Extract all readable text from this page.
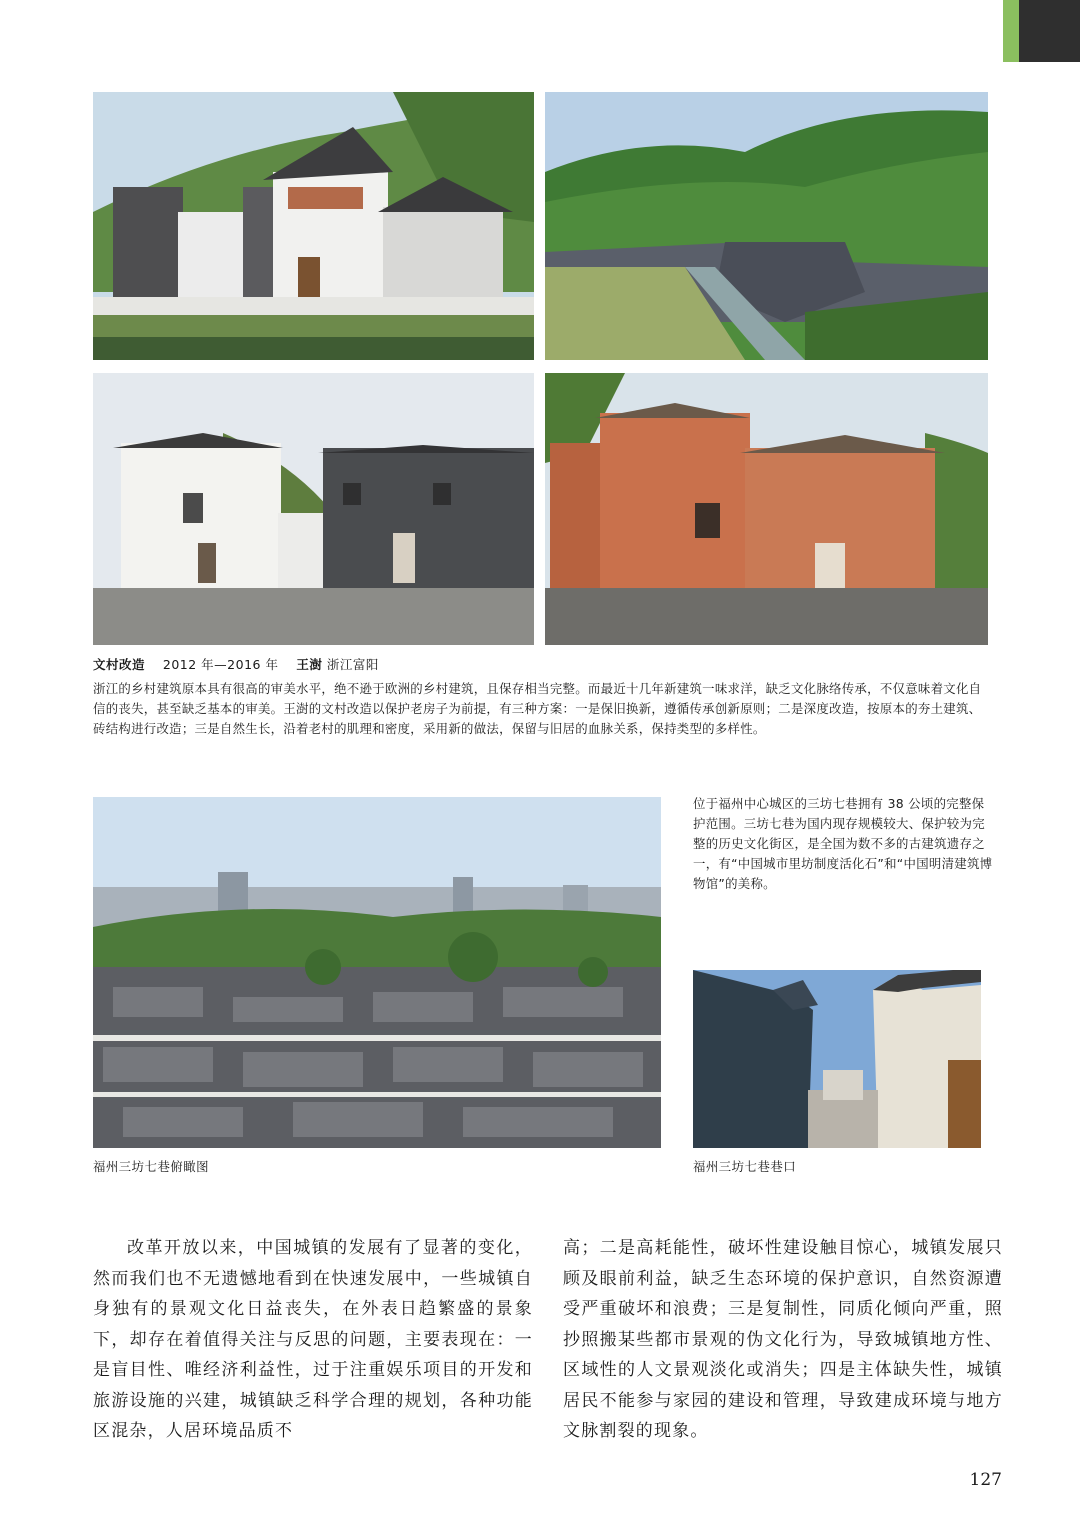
文村改造　 2012 年—2016 年　 王澍 浙江富阳
浙江的乡村建筑原本具有很高的审美水平，绝不逊于欧洲的乡村建筑，且保存相当完整。而最近十几年新建筑一味求洋，缺乏文化脉络传承，不仅意味着文化自信的丧失，甚至缺乏基本的审美。王澍的文村改造以保护老房子为前提，有三种方案：一是保旧换新，遵循传承创新原则；二是深度改造，按原本的夯土建筑、砖结构进行改造；三是自然生长，沿着老村的肌理和密度，采用新的做法，保留与旧居的血脉关系，保持类型的多样性。
位于福州中心城区的三坊七巷拥有 38 公顷的完整保护范围。三坊七巷为国内现存规模较大、保护较为完整的历史文化街区，是全国为数不多的古建筑遗存之一，有“中国城市里坊制度活化石”和“中国明清建筑博物馆”的美称。
福州三坊七巷俯瞰图	福州三坊七巷巷口

改革开放以来，中国城镇的发展有了显著的变化，然而我们也不无遗憾地看到在快速发展中，一些城镇自身独有的景观文化日益丧失，在外表日趋繁盛的景象下，却存在着值得关注与反思的问题，主要表现在：一是盲目性、唯经济利益性，过于注重娱乐项目的开发和旅游设施的兴建，城镇缺乏科学合理的规划，各种功能区混杂，人居环境品质不

高；二是高耗能性，破坏性建设触目惊心，城镇发展只顾及眼前利益，缺乏生态环境的保护意识，自然资源遭受严重破坏和浪费；三是复制性，同质化倾向严重，照抄照搬某些都市景观的伪文化行为，导致城镇地方性、区域性的人文景观淡化或消失；四是主体缺失性，城镇居民不能参与家园的建设和管理，导致建成环境与地方文脉割裂的现象。

127
